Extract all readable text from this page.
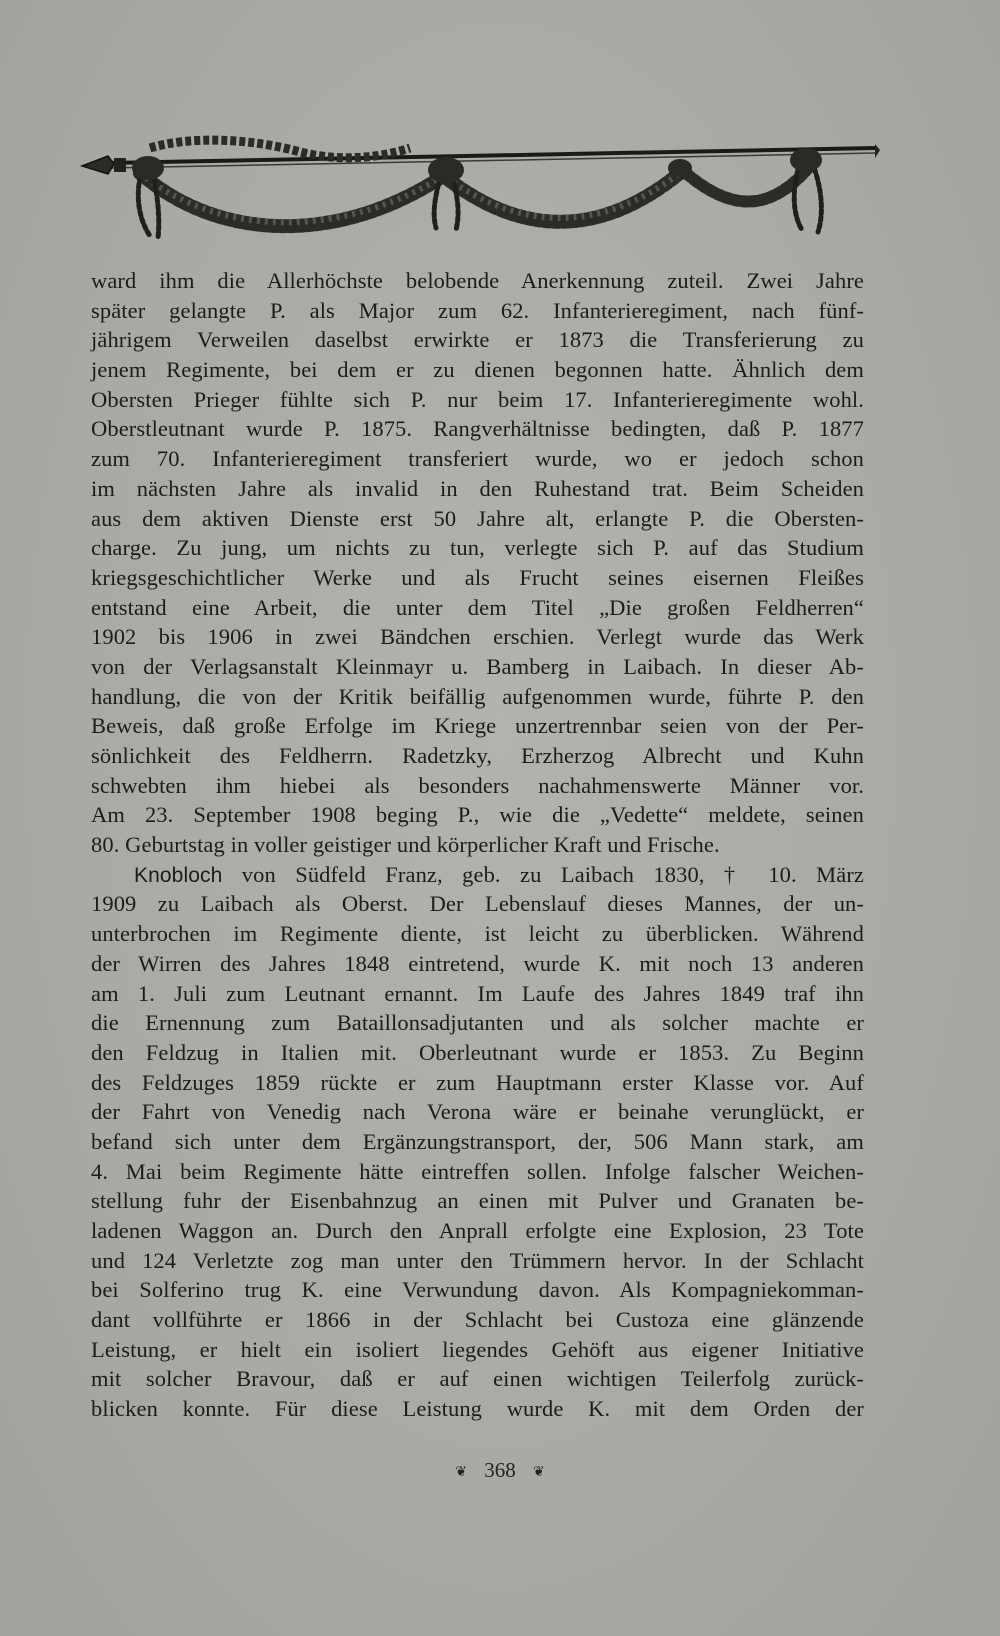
ward ihm die Allerhöchste belobende Anerkennung zuteil. Zwei Jahre
später gelangte P. als Major zum 62. Infanterieregiment, nach fünf-
jährigem Verweilen daselbst erwirkte er 1873 die Transferierung zu
jenem Regimente, bei dem er zu dienen begonnen hatte. Ähnlich dem
Obersten Prieger fühlte sich P. nur beim 17. Infanterieregimente wohl.
Oberstleutnant wurde P. 1875. Rangverhältnisse bedingten, daß P. 1877
zum 70. Infanterieregiment transferiert wurde, wo er jedoch schon
im nächsten Jahre als invalid in den Ruhestand trat. Beim Scheiden
aus dem aktiven Dienste erst 50 Jahre alt, erlangte P. die Obersten-
charge. Zu jung, um nichts zu tun, verlegte sich P. auf das Studium
kriegsgeschichtlicher Werke und als Frucht seines eisernen Fleißes
entstand eine Arbeit, die unter dem Titel „Die großen Feldherren“
1902 bis 1906 in zwei Bändchen erschien. Verlegt wurde das Werk
von der Verlagsanstalt Kleinmayr u. Bamberg in Laibach. In dieser Ab-
handlung, die von der Kritik beifällig aufgenommen wurde, führte P. den
Beweis, daß große Erfolge im Kriege unzertrennbar seien von der Per-
sönlichkeit des Feldherrn. Radetzky, Erzherzog Albrecht und Kuhn
schwebten ihm hiebei als besonders nachahmenswerte Männer vor.
Am 23. September 1908 beging P., wie die „Vedette“ meldete, seinen
80. Geburtstag in voller geistiger und körperlicher Kraft und Frische.
Knobloch von Südfeld Franz, geb. zu Laibach 1830, † 10. März
1909 zu Laibach als Oberst. Der Lebenslauf dieses Mannes, der un-
unterbrochen im Regimente diente, ist leicht zu überblicken. Während
der Wirren des Jahres 1848 eintretend, wurde K. mit noch 13 anderen
am 1. Juli zum Leutnant ernannt. Im Laufe des Jahres 1849 traf ihn
die Ernennung zum Bataillonsadjutanten und als solcher machte er
den Feldzug in Italien mit. Oberleutnant wurde er 1853. Zu Beginn
des Feldzuges 1859 rückte er zum Hauptmann erster Klasse vor. Auf
der Fahrt von Venedig nach Verona wäre er beinahe verunglückt, er
befand sich unter dem Ergänzungstransport, der, 506 Mann stark, am
4. Mai beim Regimente hätte eintreffen sollen. Infolge falscher Weichen-
stellung fuhr der Eisenbahnzug an einen mit Pulver und Granaten be-
ladenen Waggon an. Durch den Anprall erfolgte eine Explosion, 23 Tote
und 124 Verletzte zog man unter den Trümmern hervor. In der Schlacht
bei Solferino trug K. eine Verwundung davon. Als Kompagniekomman-
dant vollführte er 1866 in der Schlacht bei Custoza eine glänzende
Leistung, er hielt ein isoliert liegendes Gehöft aus eigener Initiative
mit solcher Bravour, daß er auf einen wichtigen Teilerfolg zurück-
blicken konnte. Für diese Leistung wurde K. mit dem Orden der
❦ 368 ❦
